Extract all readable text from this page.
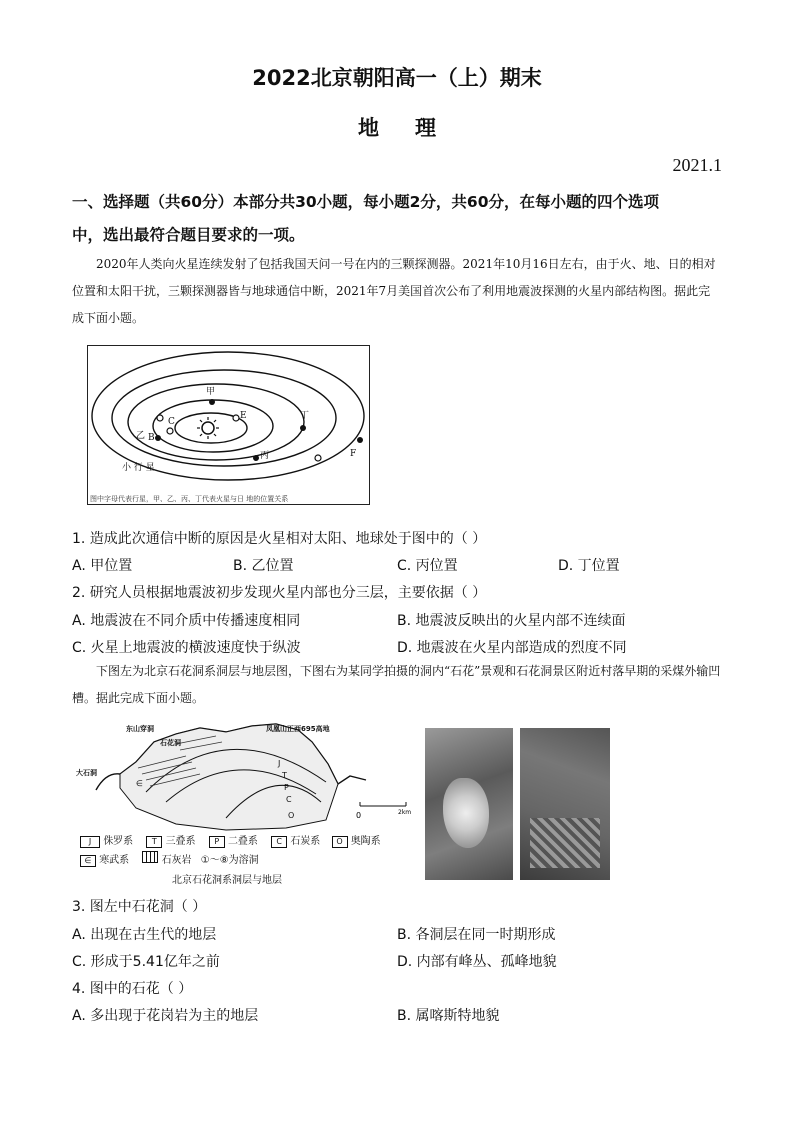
2022北京朝阳高一（上）期末
地理
2021.1
一、选择题（共60分）本部分共30小题，每小题2分，共60分，在每小题的四个选项
中，选出最符合题目要求的一项。
2020年人类向火星连续发射了包括我国天问一号在内的三颗探测器。2021年10月16日左右，由于火、地、日的相对位置和太阳干扰，三颗探测器皆与地球通信中断，2021年7月美国首次公布了利用地震波探测的火星内部结构图。据此完成下面小题。
甲
丁
丙
乙
C
B
E
F
小 行 星
图中字母代表行星，甲、乙、丙、丁代表火星与日 地的位置关系
1. 造成此次通信中断的原因是火星相对太阳、地球处于图中的（ ）
A. 甲位置	B. 乙位置	C. 丙位置	D. 丁位置
2. 研究人员根据地震波初步发现火星内部也分三层，主要依据（ ）
A. 地震波在不同介质中传播速度相同	B. 地震波反映出的火星内部不连续面
C. 火星上地震波的横波速度快于纵波	D. 地震波在火星内部造成的烈度不同
下图左为北京石花洞系洞层与地层图，下图右为某同学拍摄的洞内“石花”景观和石花洞景区附近村落早期的采煤外输凹槽。据此完成下面小题。
J
T
P
C
O
∈
0	2km
东山穿洞
石花洞
凤凰山正西695高地
大石洞
J 侏罗系 T 三叠系 P 二叠系 C 石炭系 O 奥陶系
∈ 寒武系	石灰岩 ①～⑧为溶洞
北京石花洞系洞层与地层
3. 图左中石花洞（ ）
A. 出现在古生代的地层	B. 各洞层在同一时期形成
C. 形成于5.41亿年之前	D. 内部有峰丛、孤峰地貌
4. 图中的石花（ ）
A. 多出现于花岗岩为主的地层	B. 属喀斯特地貌
